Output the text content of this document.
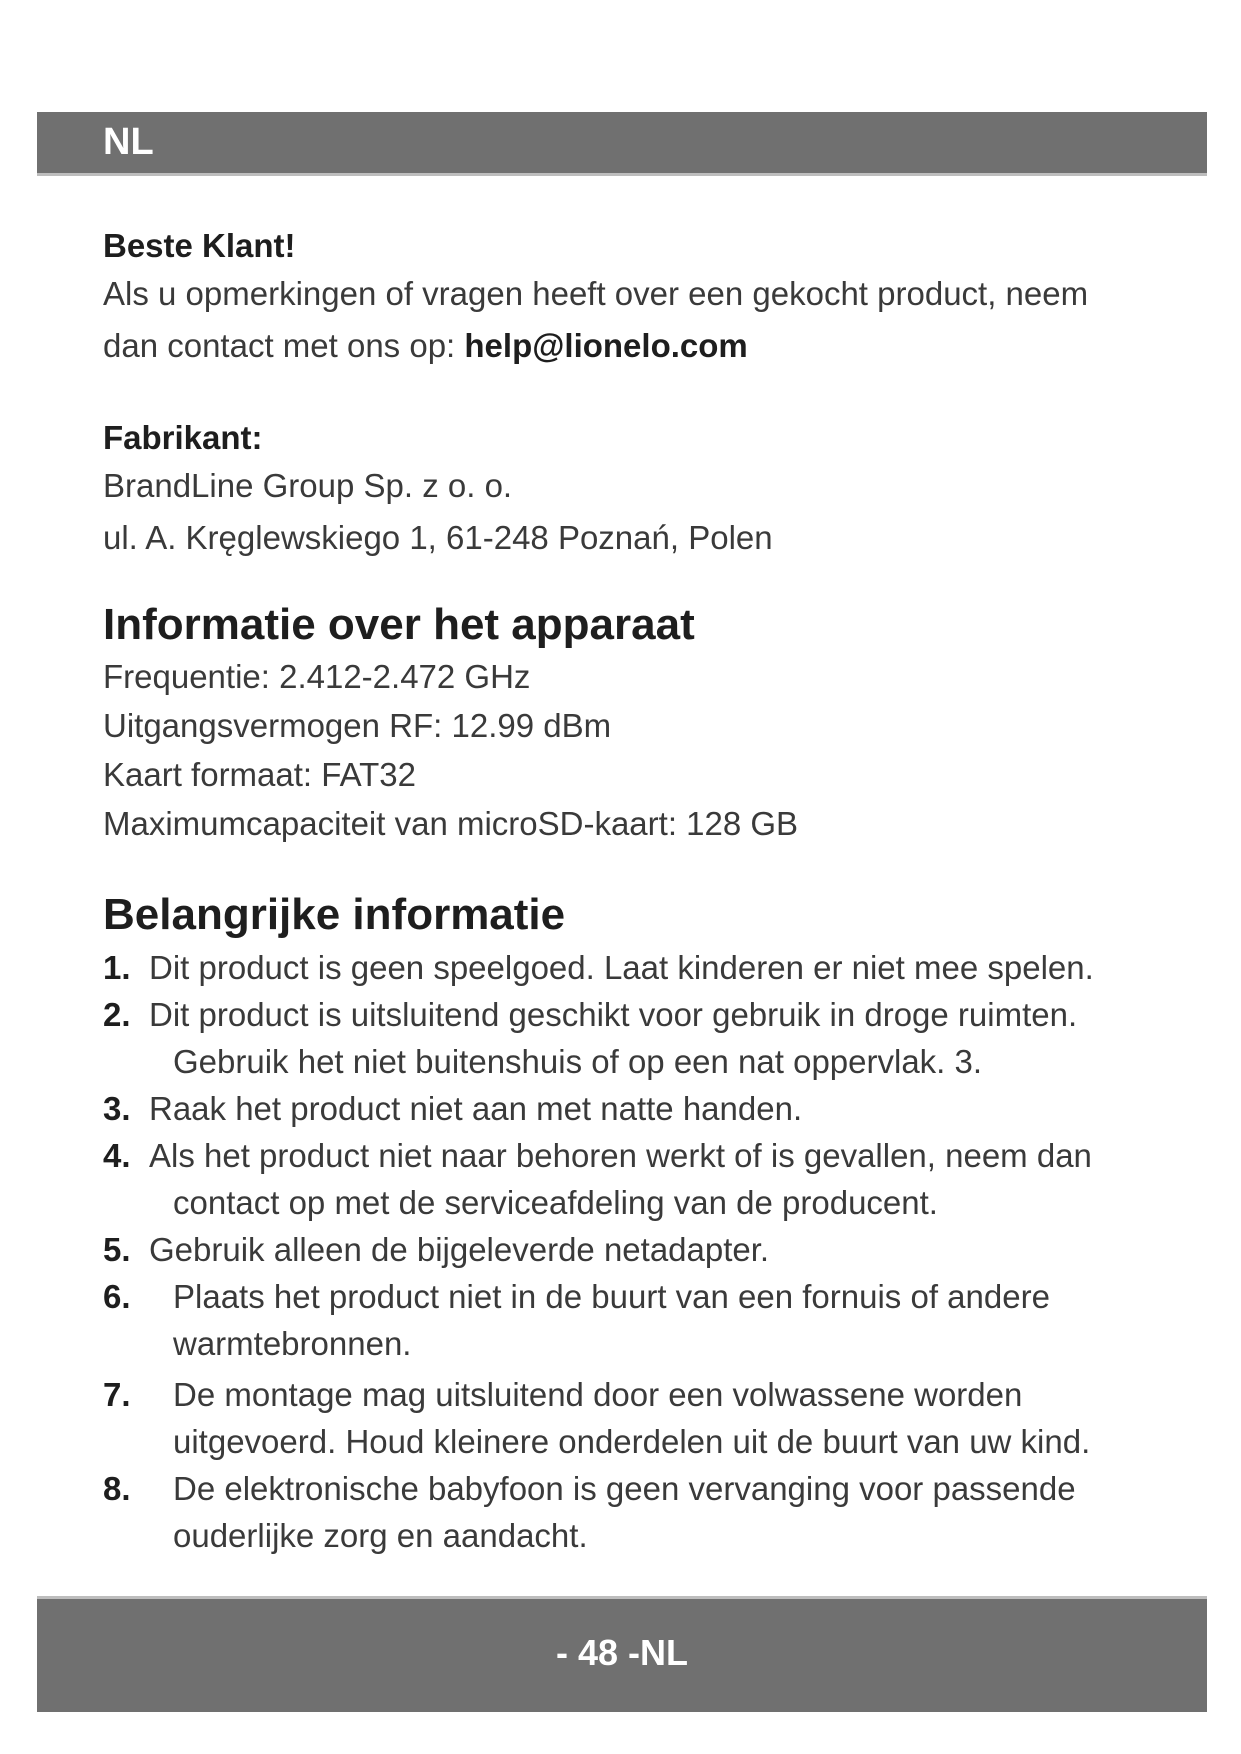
NL
Beste Klant!
Als u opmerkingen of vragen heeft over een gekocht product, neem
dan contact met ons op: help@lionelo.com
Fabrikant:
BrandLine Group Sp. z o. o.
ul. A. Kręglewskiego 1, 61-248 Poznań, Polen
Informatie over het apparaat
Frequentie: 2.412-2.472 GHz
Uitgangsvermogen RF: 12.99 dBm
Kaart formaat: FAT32
Maximumcapaciteit van microSD-kaart: 128 GB
Belangrijke informatie
1. Dit product is geen speelgoed. Laat kinderen er niet mee spelen.
2. Dit product is uitsluitend geschikt voor gebruik in droge ruimten.
Gebruik het niet buitenshuis of op een nat oppervlak. 3.
3. Raak het product niet aan met natte handen.
4. Als het product niet naar behoren werkt of is gevallen, neem dan
contact op met de serviceafdeling van de producent.
5. Gebruik alleen de bijgeleverde netadapter.
6.	Plaats het product niet in de buurt van een fornuis of andere
warmtebronnen.
7.	De montage mag uitsluitend door een volwassene worden
uitgevoerd. Houd kleinere onderdelen uit de buurt van uw kind.
8.	De elektronische babyfoon is geen vervanging voor passende
ouderlijke zorg en aandacht.
- 48 -NL
